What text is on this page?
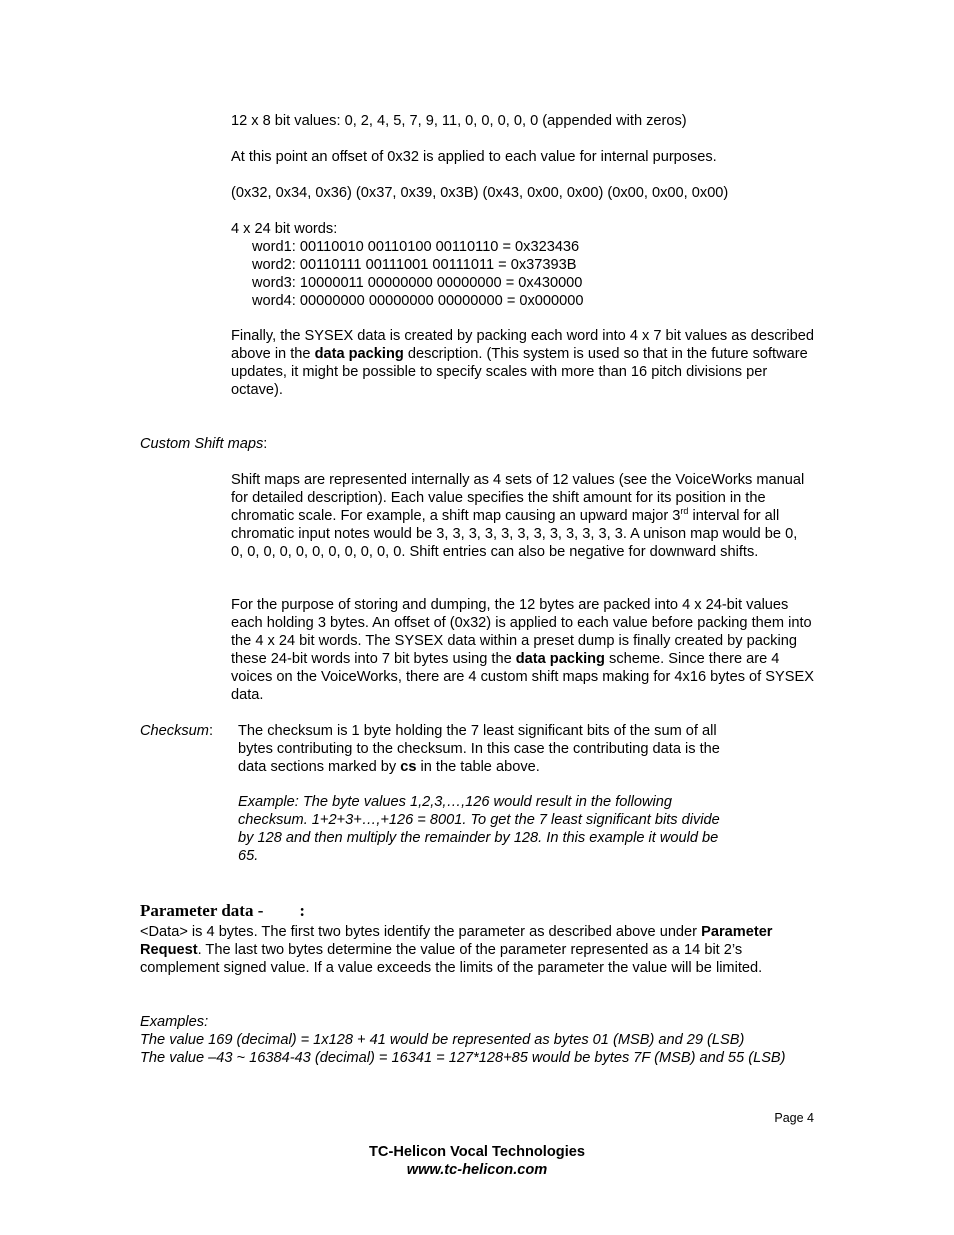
12 x 8 bit values: 0, 2, 4, 5, 7, 9, 11, 0, 0, 0, 0, 0 (appended with zeros)

At this point an offset of 0x32 is applied to each value for internal purposes.

(0x32, 0x34, 0x36) (0x37, 0x39, 0x3B) (0x43, 0x00, 0x00) (0x00, 0x00, 0x00)

4 x 24 bit words:
word1: 00110010 00110100 00110110 = 0x323436
word2: 00110111 00111001 00111011 = 0x37393B
word3: 10000011 00000000 00000000 = 0x430000
word4: 00000000 00000000 00000000 = 0x000000

Finally, the SYSEX data is created by packing each word into 4 x 7 bit values as described above in the data packing description. (This system is used so that in the future software updates, it might be possible to specify scales with more than 16 pitch divisions per octave).

Custom Shift maps:

Shift maps are represented internally as 4 sets of 12 values (see the VoiceWorks manual for detailed description). Each value specifies the shift amount for its position in the chromatic scale. For example, a shift map causing an upward major 3rd interval for all chromatic input notes would be 3, 3, 3, 3, 3, 3, 3, 3, 3, 3, 3, 3. A unison map would be 0, 0, 0, 0, 0, 0, 0, 0, 0, 0, 0, 0. Shift entries can also be negative for downward shifts.

For the purpose of storing and dumping, the 12 bytes are packed into 4 x 24-bit values each holding 3 bytes. An offset of (0x32) is applied to each value before packing them into the 4 x 24 bit words. The SYSEX data within a preset dump is finally created by packing these 24-bit words into 7 bit bytes using the data packing scheme. Since there are 4 voices on the VoiceWorks, there are 4 custom shift maps making for 4x16 bytes of SYSEX data.

Checksum:	The checksum is 1 byte holding the 7 least significant bits of the sum of all bytes contributing to the checksum. In this case the contributing data is the data sections marked by cs in the table above.

Example: The byte values 1,2,3,…,126 would result in the following checksum. 1+2+3+…,+126 = 8001. To get the 7 least significant bits divide by 128 and then multiply the remainder by 128. In this example it would be 65.

Parameter data - :

<Data> is 4 bytes. The first two bytes identify the parameter as described above under Parameter Request. The last two bytes determine the value of the parameter represented as a 14 bit 2’s complement signed value. If a value exceeds the limits of the parameter the value will be limited.

Examples:
The value 169 (decimal) = 1x128 + 41 would be represented as bytes 01 (MSB) and 29 (LSB)
The value –43 ~ 16384-43 (decimal) = 16341 = 127*128+85 would be bytes 7F (MSB) and 55 (LSB)
Page 4
TC-Helicon Vocal Technologies
www.tc-helicon.com
